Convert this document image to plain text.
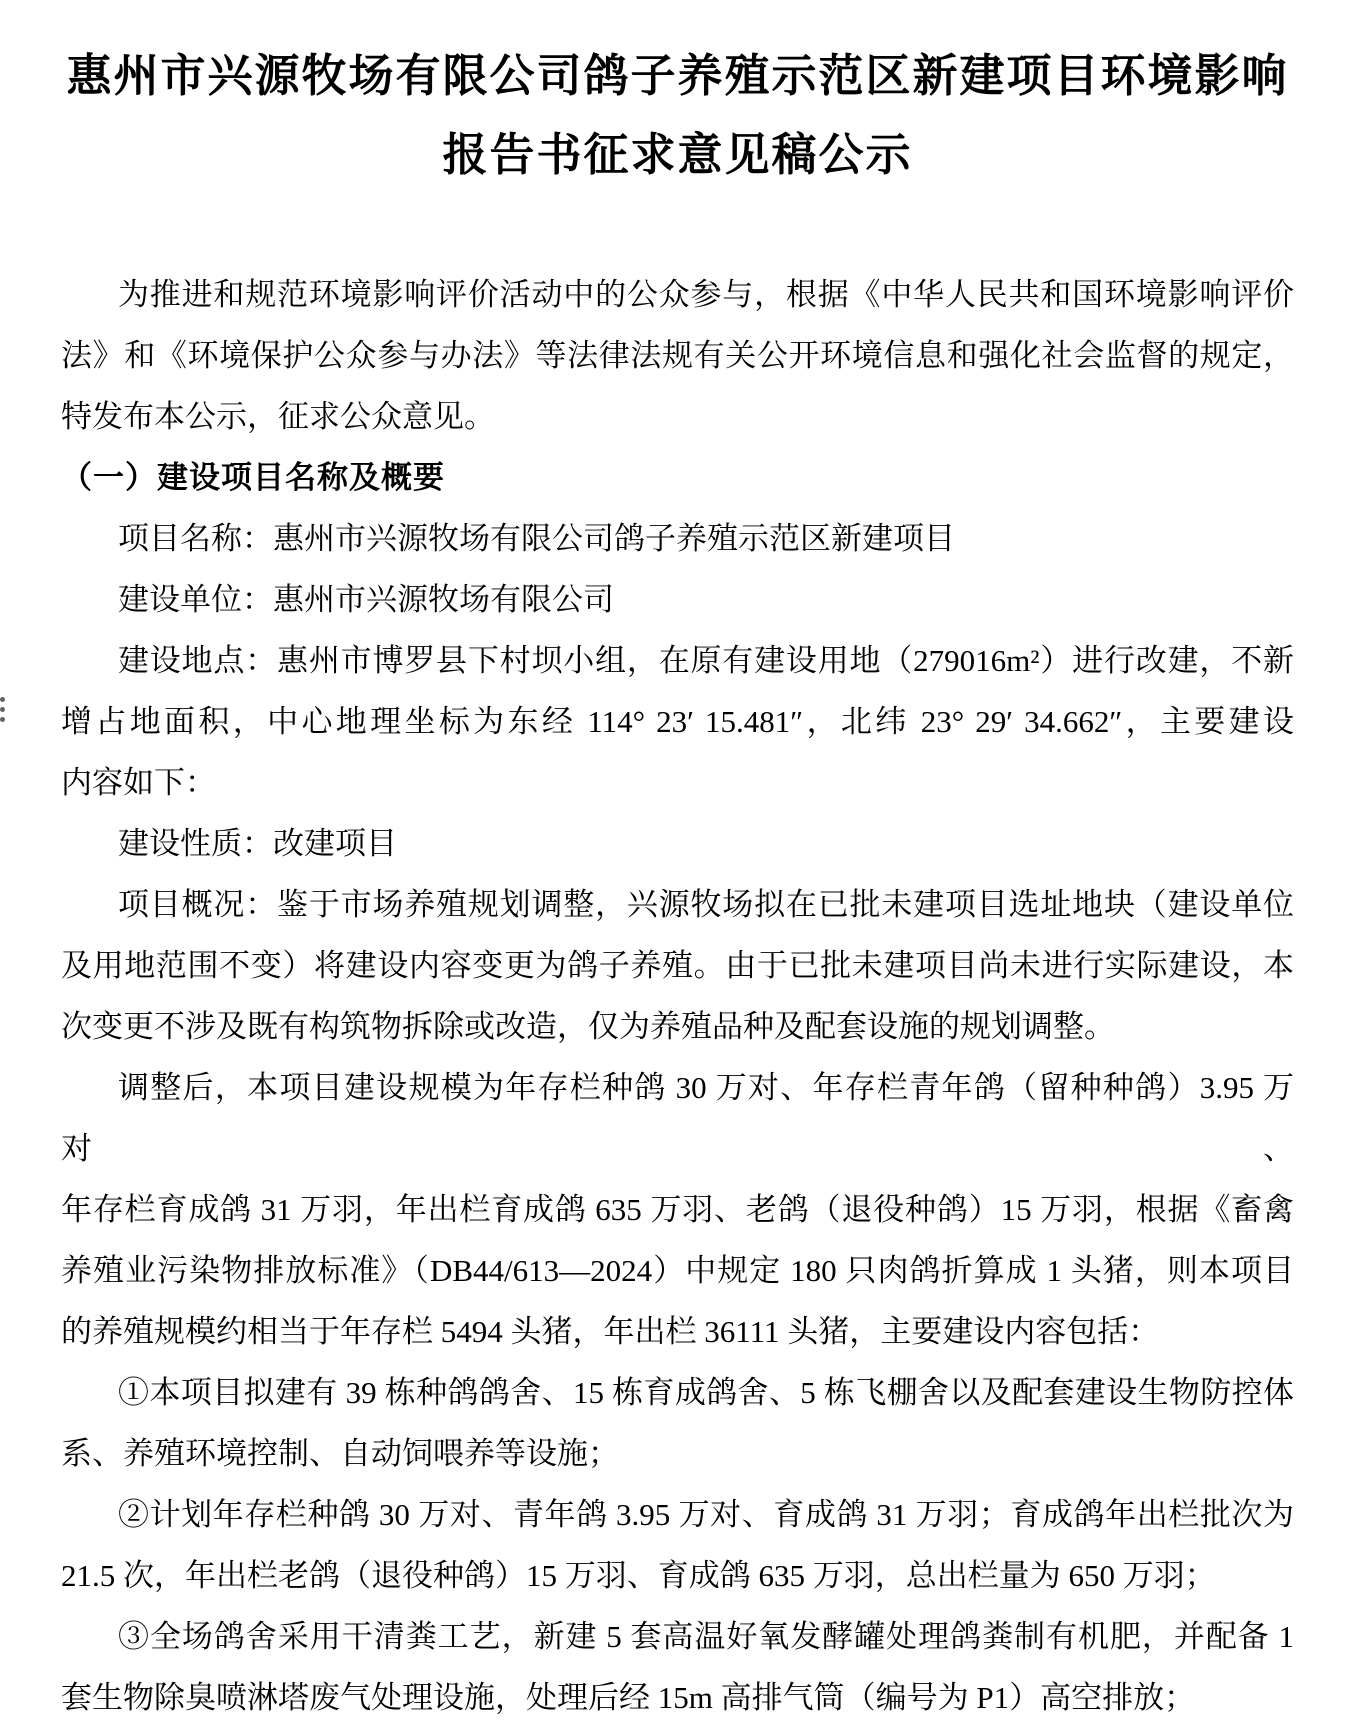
惠州市兴源牧场有限公司鸽子养殖示范区新建项目环境影响
报告书征求意见稿公示
为推进和规范环境影响评价活动中的公众参与，根据《中华人民共和国环境影响评价
法》和《环境保护公众参与办法》等法律法规有关公开环境信息和强化社会监督的规定，
特发布本公示，征求公众意见。
（一）建设项目名称及概要
项目名称：惠州市兴源牧场有限公司鸽子养殖示范区新建项目
建设单位：惠州市兴源牧场有限公司
建设地点：惠州市博罗县下村坝小组，在原有建设用地（279016m²）进行改建，不新
增占地面积，中心地理坐标为东经 114° 23′ 15.481″，北纬 23° 29′ 34.662″，主要建设
内容如下：
建设性质：改建项目
项目概况：鉴于市场养殖规划调整，兴源牧场拟在已批未建项目选址地块（建设单位
及用地范围不变）将建设内容变更为鸽子养殖。由于已批未建项目尚未进行实际建设，本
次变更不涉及既有构筑物拆除或改造，仅为养殖品种及配套设施的规划调整。
调整后，本项目建设规模为年存栏种鸽 30 万对、年存栏青年鸽（留种种鸽）3.95 万对、
年存栏育成鸽 31 万羽，年出栏育成鸽 635 万羽、老鸽（退役种鸽）15 万羽，根据《畜禽
养殖业污染物排放标准》（DB44/613—2024）中规定 180 只肉鸽折算成 1 头猪，则本项目
的养殖规模约相当于年存栏 5494 头猪，年出栏 36111 头猪，主要建设内容包括：
①本项目拟建有 39 栋种鸽鸽舍、15 栋育成鸽舍、5 栋飞棚舍以及配套建设生物防控体
系、养殖环境控制、自动饲喂养等设施；
②计划年存栏种鸽 30 万对、青年鸽 3.95 万对、育成鸽 31 万羽；育成鸽年出栏批次为
21.5 次，年出栏老鸽（退役种鸽）15 万羽、育成鸽 635 万羽，总出栏量为 650 万羽；
③全场鸽舍采用干清粪工艺，新建 5 套高温好氧发酵罐处理鸽粪制有机肥，并配备 1
套生物除臭喷淋塔废气处理设施，处理后经 15m 高排气筒（编号为 P1）高空排放；
